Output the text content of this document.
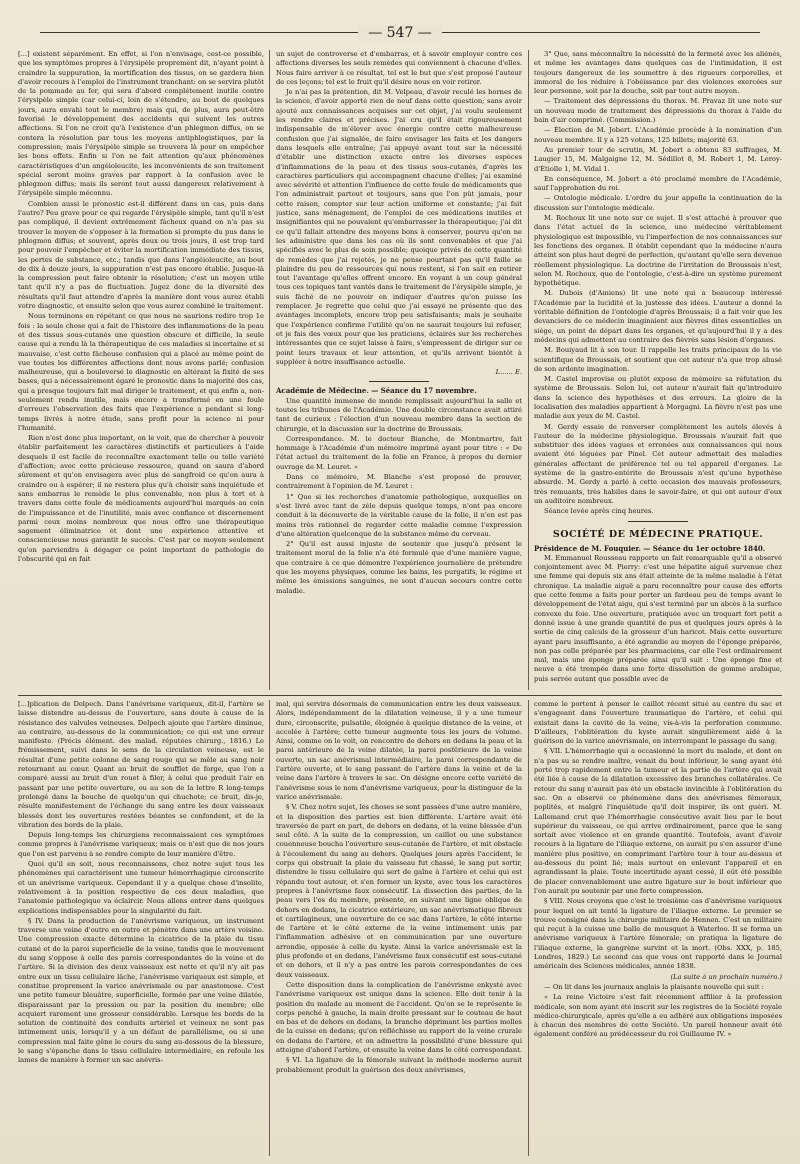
— 547 —

[...] existent séparément. En effet, si l'on n'envisage, cest-ce possible, que les symptômes propres à l'érysipèle proprement dit, n'ayant point à craindre la suppuration, la mortification des tissus, on se gardera bien d'avoir recours à l'emploi de l'instrument tranchant: on se servira plutôt de la pommade au fer, qui sera d'abord complétement inutile contre l'érysipèle simple (car celui-ci, loin de s'étendre, au bout de quelques jours, aura envahi tout le membre) mais qui, de plus, aura peut-être favorisé le développement des accidents qui suivent les autres affections. Si l'on ne croit qu'à l'existence d'un phlegmon diffus, on se contera la résolution par tous les moyens antiphlogistiques, par la compression; mais l'érysipèle simple se trouvera là pour en empêcher les bons effets. Enfin si l'on ne fait attention qu'aux phénomènes caractéristiques d'un angéioleucite, les inconvénients de son traitement spécial seront moins graves par rapport à la confusion avec le phlegmon diffus; mais ils seront tout aussi dangereux relativement à l'érysipèle simple méconnu.

Combien aussi le pronostic est-il différent dans un cas, puis dans l'autre? Peu grave pour ce qui regarde l'érysipèle simple, tant qu'il n'est pas compliqué, il devient extrêmement fâcheux quand on n'a pas su trouver le moyen de s'opposer à la formation si prompte du pus dans le phlegmon diffus; et souvent, après deux ou trois jours, il est trop tard pour pouvoir l'empêcher et éviter la mortification immédiate des tissus, les pertes de substance, etc.; tandis que dans l'angéioleucite, au bout de dix à douze jours, la suppuration n'est pas encore établie. Jusque-là la compression peut faire obtenir la résolution; c'est un moyen utile tant qu'il n'y a pas de fluctuation. Jugez donc de la diversité des résultats qu'il faut attendre d'après la manière dont vous aurez établi votre diagnostic, et ensuite selon que vous aurez combiné le traitement.

Nous terminons en répétant ce que nous ne saurions redire trop 1e fois : la seule chose qui a fait de l'histoire des inflammations de la peau et des tissus sous-cutanés une question obscure et difficile, la seule cause qui a rendu là la thérapeutique de ces maladies si incertaine et si mauvaise, c'est cette fâcheuse confusion qui a placé au même point de vue toutes les différentes affections dont nous avons parlé; confusion malheureuse, qui a bouleversé le diagnostic en altérant la fixité de ses bases, qui a nécessairement égaré le pronostic dans la majorité des cas, qui a presque toujours fait mal diriger le traitement, et qui enfin a, non-seulement rendu inutile, mais encore a transformé en une foule d'erreurs l'observation des faits que l'expérience a pendant si long-temps livrés à notre étude, sans profit pour la science ni pour l'humanité.

Rien n'est donc plus important, on le voit, que de chercher à pouvoir établir parfaitement les caractères distinctifs et particuliers à l'aide desquels il est facile de reconnaître exactement telle ou telle variété d'affection; avec cette précieuse ressource, quand on saura d'abord sûrement et qu'on envisagera avec plus de sangfroid ce qu'on aura à craindre ou à espérer; il ne restera plus qu'à choisir sans inquiétude et sans embarras le remède le plus convenable, non plus à tort et à travers dans cette foule de médicaments aujourd'hui marqués au coin de l'impuissance et de l'inutilité, mais avec confiance et discernement parmi ceux moins nombreux que nous offre une thérapeutique sagement éliminatrice et dont une expérience attentive et consciencieuse nous garantit le succès. C'est par ce moyen seulement qu'on parviendra à dégager ce point important de pathologie de l'obscurité qui en fait

un sujet de controverse et d'embarras, et à savoir employer contre ces affections diverses les seuls remèdes qui conviennent à chacune d'elles. Nous faire arriver à ce résultat, tel est le but que s'est proposé l'auteur de ces leçons; tel est le fruit qu'il désire nous en voir retirer.

Je n'ai pas la prétention, dit M. Velpeau, d'avoir reculé les bornes de la science, d'avoir apporté rien de neuf dans cette question; sans avoir ajouté aux connaissances acquises sur cet objet, j'ai voulu seulement les rendre claires et précises. J'ai cru qu'il était rigoureusement indispensable de m'élever avec énergie contre cette malheureuse confusion que j'ai signalée, de faire envisager les faits et les dangers dans lesquels elle entraîne; j'ai appuyé avant tout sur la nécessité d'établir une distinction exacte entre les diverses espèces d'inflammations de la peau et des tissus sous-cutanés, d'après les caractères particuliers qui accompagnent chacune d'elles; j'ai examiné avec sévérité et attention l'influence de cette foule de médicaments que l'on administrait partout et toujours, sans que l'on pût jamais, pour cette raison, compter sur leur action uniforme et constante; j'ai fait justice, sans ménagement, de l'emploi de ces médications inutiles et insignifiantes qui ne pouvaient qu'embarrasser la thérapeutique; j'ai dit ce qu'il fallait attendre des moyens bons à conserver, pourvu qu'on ne les administre que dans les cas où ils sont convenables et que j'ai spécifiés avec le plus de soin possible; quoique privés de cette quantité de remèdes que j'ai rejetés, je ne pense pourtant pas qu'il faille se plaindre du peu de ressources qui nous restent, si l'on sait en retirer tout l'avantage qu'elles offrent encore. En voyant à un coup général tous ces topiques tant vantés dans le traitement de l'érysipèle simple, je suis fâché de ne pouvoir en indiquer d'autres qu'on puisse les remplacer. Je regrette que celui que j'ai essayé ne présente que des avantages incomplets, encore trop peu satisfaisants; mais je souhaite que l'expérience confirme l'utilité qu'on ne saurait toujours lui refuser, et je fais des vœux pour que les praticiens, éclairés sur les recherches intéressantes que ce sujet laisse à faire, s'empressent de diriger sur ce point leurs travaux et leur attention, et qu'ils arrivent bientôt à suppléer à notre insuffisance actuelle.

L...... E.

Académie de Médecine. — Séance du 17 novembre.

Une quantité immense de monde remplissait aujourd'hui la salle et toutes les tribunes de l'Académie. Une double circonstance avait attiré tant de curieux : l'élection d'un nouveau membre dans la section de chirurgie, et la discussion sur la doctrine de Broussais.

Correspondance. M. le docteur Bianche, de Montmartre, fait hommage à l'Académie d'un mémoire imprimé ayant pour titre : « De l'état actuel du traitement de la folie en France, à propos du dernier ouvrage de M. Leuret. »

Dans ce mémoire, M. Blanche s'est proposé de prouver, contrairement à l'opinion de M. Leuret :

1° Que si les recherches d'anatomie pathologique, auxquelles on s'est livré avec tant de zèle depuis quelque temps, n'ont pas encore conduit à la découverte de la véritable cause de la folie, il n'en est pas moins très rationnel de regarder cette maladie comme l'expression d'une altération quelconque de la substance même du cerveau.

2° Qu'il est aussi injuste de soutenir que jusqu'à présent le traitement moral de la folie n'a été formulé que d'une manière vague, que contraire à ce que démontre l'expérience journalière de prétendre que les moyens physiques, comme les bains, les purgatifs, le régime et même les émissions sanguines, ne sont d'aucun secours contre cette maladie.

3° Que, sans méconnaître la nécessité de la fermeté avec les aliénés, et même les avantages dans quelques cas de l'intimidation, il est toujours dangereux de les soumettre à des rigueurs corporelles, et immoral de les réduire à l'obéissance par des violences exercées sur leur personne, soit par la douche, soit par tout autre moyen.

— Traitement des dépressions du thorax. M. Pravaz lit une note sur un nouveau mode de traitement des dépressions du thorax à l'aide du bain d'air comprimé. (Commission.)

— Élection de M. Jobert. L'Académie procède à la nomination d'un nouveau membre. Il y a 125 votans, 125 billets; majorité 63.

Au premier tour de scrutin, M. Jobert a obtenu 83 suffrages, M. Laugier 15, M. Malgaigne 12, M. Sédillot 8, M. Robert 1, M. Leroy-d'Étiolle 1, M. Vidal 1.

En conséquence, M. Jobert a été proclamé membre de l'Académie, sauf l'approbation du roi.

— Ontologie médicale. L'ordre du jour appelle la continuation de la discussion sur l'ontologie médicale.

M. Rochoux lit une note sur ce sujet. Il s'est attaché à prouver que dans l'état actuel de la science, une médecine véritablement physiologique est impossible, vu l'imperfection de nos connaissances sur les fonctions des organes. Il établit cependant que la médecine n'aura atteint son plus haut degré de perfection, qu'autant qu'elle sera devenue réellement physiologique. La doctrine de l'irritation de Broussais n'est, selon M. Rochoux, que de l'ontologie, c'est-à-dire un système purement hypothétique.

M. Dubois (d'Amiens) lit une note qui a beaucoup intéressé l'Académie par la lucidité et la justesse des idées. L'auteur a donné la véritable définition de l'ontologie d'après Broussais; il a fait voir que les devanciers de ce médecin imaginaient aux fièvres dites essentielles un siège, un point de départ dans les organes, et qu'aujourd'hui il y a des médecins qui admettent au contraire des fièvres sans lésion d'organes.

M. Bouiyaud lit à son tour. Il rappelle les traits principaux de la vie scientifique de Broussais, et soutient que cet auteur n'a que trop abusé de son ardente imagination.

M. Castel improvise ou plutôt expose de mémoire sa réfutation du système de Broussais. Selon lui, cet auteur n'aurait fait qu'introduire dans la science des hypothèses et des erreurs. La gloire de la localisation des maladies appartient à Morgagni. La fièvre n'est pas une maladie aux yeux de M. Castel.

M. Gerdy essaie de renverser complètement les autels élevés à l'auteur de la médecine physiologique. Broussais n'aurait fait que substituer des idées vagues et erronées aux connaissances qui nous avaient été léguées par Pinel. Cet auteur admettait des maladies générales affectant de préférence tel ou tel appareil d'organes. Le système de la gastro-entérite de Broussais n'est qu'une hypothèse absurde. M. Gerdy a parlé à cette occasion des mauvais professeurs, très remuants, très habiles dans le savoir-faire, et qui ont autour d'eux un auditoire nombreux.

Séance levée après cinq heures.

SOCIÉTÉ DE MÉDECINE PRATIQUE.

Présidence de M. Fouquier. — Séance du 1er octobre 1840.

M. Emmanuel Rousseau rapporte un fait remarquable qu'il a observé conjointement avec M. Pierry: c'est une hépatite aiguë survenue chez une femme qui depuis six ans était atteinte de la même maladie à l'état chronique. La maladie aiguë a paru reconnaître pour cause des efforts que cette femme a faits pour porter un fardeau peu de temps avant le développement de l'état aigu, qui s'est terminé par un abcès à la surface convexe du foie. Une ouverture, pratiquée avec un troquart fort petit a donné issue à une grande quantité de pus et quelques jours après à la sortie de cinq calculs de la grosseur d'un haricot. Mais cette ouverture ayant paru insuffisante, a été agrandie au moyen de l'éponge préparée, non pas celle préparée par les pharmaciens, car elle l'est ordinairement mal, mais une éponge préparée ainsi qu'il suit : Une éponge fine et neuve a été trempée dans une forte dissolution de gomme arabique, puis serrée autant que possible avec de

[...]plication de Delpech. Dans l'anévrisme variqueux, dit-il, l'artère se laisse distendre au-dessus de l'ouverture, sans doute à cause de la résistance des valvules veineuses. Delpech ajoute que l'artère diminue, au contraire, au-dessous de la communication; ce qui est une erreur manifeste. (Précis élément. des malad. réputées chirurg., 1816.) Le frémissement, suivi dans le sens de la circulation veineuse, est le résultat d'une petite colonne de sang rouge qui se mêle au sang noir retournant au cœur. Quant au bruit de soufflet de forge, que l'on a comparé aussi au bruit d'un rouet à filer, à celui que produit l'air en passant par une petite ouverture, ou au son de la lettre R long-temps prolongé dans la bouche de quelqu'un qui chuchote; ce bruit, dis-je, résulte manifestement de l'échange du sang entre les deux vaisseaux blessés dont les ouvertures restées béantes se confondent, et de la vibration des bords de la plaie.

Depuis long-temps les chirurgiens reconnaissaient ces symptômes comme propres à l'anévrisme variqueux; mais ce n'est que de nos jours que l'on est parvenu à se rendre compte de leur manière d'être.

Quoi qu'il en soit, nous reconnaissons, chez notre sujet tous les phénomènes qui caractérisent une tumeur hémorrhagique circonscrite et un anévrisme variqueux. Cependant il y a quelque chose d'insolite, relativement à la position respective de ces deux maladies, que l'anatomie pathologique va éclaircir. Nous allons entrer dans quelques explications indispensables pour la singularité du fait.

§ IV. Dans la production de l'anévrisme variqueux, un instrument traverse une veine d'outre en outre et pénètre dans une artère voisine. Une compression exacte détermine la cicatrice de la plaie du tissu cutané et de la paroi superficielle de la veine, tandis que le mouvement du sang s'oppose à celle des parois correspondantes de la veine et de l'artère. Si la division des deux vaisseaux est nette et qu'il n'y ait pas entre eux un tissu cellulaire lâche, l'anévrisme variqueux est simple, et constitue proprement la varice anévrismale ou par anastomose. C'est une petite tumeur bleuâtre, superficielle, formée par une veine dilatée, disparaissant par la pression ou par la position du membre; elle acquiert rarement une grosseur considérable. Lorsque les bords de la solution de continuité des conduits artériel et veineux ne sont pas intimement unis, lorsqu'il y a un défaut de parallélisme, ou si une compression mal faite gêne le cours du sang au-dessous de la blessure, le sang s'épanche dans le tissu cellulaire intermédiaire, en refoule les lames de manière à former un sac anévris-

mal, qui servira désormais de communication entre les deux vaisseaux. Alors, indépendamment de la dilatation veineuse, il y a une tumeur dure, circonscrite, pulsatile, éloignée à quelque distance de la veine, et accolée à l'artère; cette tumeur augmente tous les jours de volume. Ainsi, comme on le voit, on rencontre de dehors en dedans la peau et la paroi antérieure de la veine dilatée, la paroi postérieure de la veine ouverte, un sac anévrismal intermédiaire, la paroi correspondante de l'artère ouverte, et le sang passant de l'artère dans la veine et de la veine dans l'artère à travers le sac. On désigne encore cette variété de l'anévrisme sous le nom d'anévrisme variqueux, pour la distinguer de la varice anévrismale.

§ V. Chez notre sujet, les choses se sont passées d'une autre manière, et la disposition des parties est bien différente. L'artère avait été traversée de part en part, de dehors en dedans, et la veine blessée d'un seul côté. A la suite de la compression, un caillot ou une substance couenneuse boucha l'ouverture sous-cutanée de l'artère, et mit obstacle à l'écoulement du sang au dehors. Quelques jours après l'accident, le corps qui obstruait la plaie du vaisseau fut chassé, le sang put sortir, distendre le tissu cellulaire qui sert de gaîne à l'artère et celui qui est répandu tout autour, et s'en former un kyste, avec tous les caractères propres à l'anévrisme faux consécutif. La dissection des parties, de la peau vers l'os du membre, présente, en suivant une ligne oblique de dehors en dedans, la cicatrice extérieure, un sac anévrismatique fibreux et cartilagineux, une ouverture de ce sac dans l'artère, le côté interne de l'artère et le côté externe de la veine intimement unis par l'inflammation adhésive et en communication par une ouverture arrondie, opposée à celle du kyste. Ainsi la varice anévrismale est la plus profonde et en dedans, l'anévrisme faux consécutif est sous-cutané et en dehors, et il n'y a pas entre les parois correspondantes de ces deux vaisseaux.

Cette disposition dans la complication de l'anévrisme enkysté avec l'anévrisme variqueux est unique dans la science. Elle doit tenir à la position du malade au moment de l'accident. Qu'on se le représente le corps penché à gauche, la main droite pressant sur le couteau de haut en bas et de dehors en dedans, la branche déprimant les parties molles de la cuisse en dedans; qu'on réfléchisse au rapport de la veine crurale en dedans de l'artère, et on admettra la possibilité d'une blessure qui atteigne d'abord l'artère, et ensuite la veine dans le côté correspondant.

§ VI. La ligature de la fémorale suivant la méthode moderne aurait probablement produit la guérison des deux anévrismes,

comme le portent à penser le caillot récent situé au centre du sac et s'engageant dans l'ouverture traumatique de l'artère, et celui qui existait dans la cavité de la veine, vis-à-vis la perforation commune. D'ailleurs, l'oblitération du kyste aurait singulièrement aidé à la guérison de la varice anévrismale, en interrompant le passage du sang.

§ VII. L'hémorrhagie qui a occasionné la mort du malade, et dont on n'a pas su se rendre maître, venait du bout inférieur, le sang ayant été porté trop rapidement entre la tumeur et la partie de l'artère qui avait été liée à cause de la dilatation excessive des branches collatérales. Ce retour du sang n'aurait pas été un obstacle invincible à l'oblitération du sac. On a observé ce phénomène dans des anévrismes fémoraux, poplités, et malgré l'inquiétude qu'il doit inspirer, ils ont guéri. M. Lallemand crut que l'hémorrhagie consécutive avait lieu par le bout supérieur du vaisseau, ce qui arrive ordinairement, parce que le sang sortait avec violence et en grande quantité. Toutefois, avant d'avoir recours à la ligature de l'iliaque externe, on aurait pu s'en assurer d'une manière plus positive, en comprimant l'artère tour à tour au-dessus et au-dessous du point lié; mais surtout en enlevant l'appareil et en agrandissant la plaie. Toute incertitude ayant cessé, il eût été possible de placer convenablement une autre ligature sur le bout inférieur que l'on aurait pu soutenir par une forte compression.

§ VIII. Nous croyons que c'est le troisième cas d'anévrisme variqueux pour lequel on ait tenté la ligature de l'iliaque externe. Le premier se trouve consigné dans la chirurgie militaire de Hennen. C'est un militaire qui reçut à la cuisse une balle de mousquet à Waterloo. Il se forma un anévrisme variqueux à l'artère fémorale; on pratiqua la ligature de l'iliaque externe, la gangrène survint et la mort. (Obs. XXX, p. 185, Londres, 1829.) Le second cas que vous ont rapporté dans le Journal américain des Sciences médicales, année 1838.

(La suite à un prochain numéro.)

— On lit dans les journaux anglais la plaisante nouvelle qui suit :

« La reine Victoire s'est fait récemment affilier à la profession médicale, son nom ayant été inscrit sur les registres de la Société royale médico-chirurgicale, après qu'elle a eu adhéré aux obligations imposées à chacun des membres de cette Société. Un pareil honneur avait été également conféré au prédécesseur du roi Guillaume IV. »
